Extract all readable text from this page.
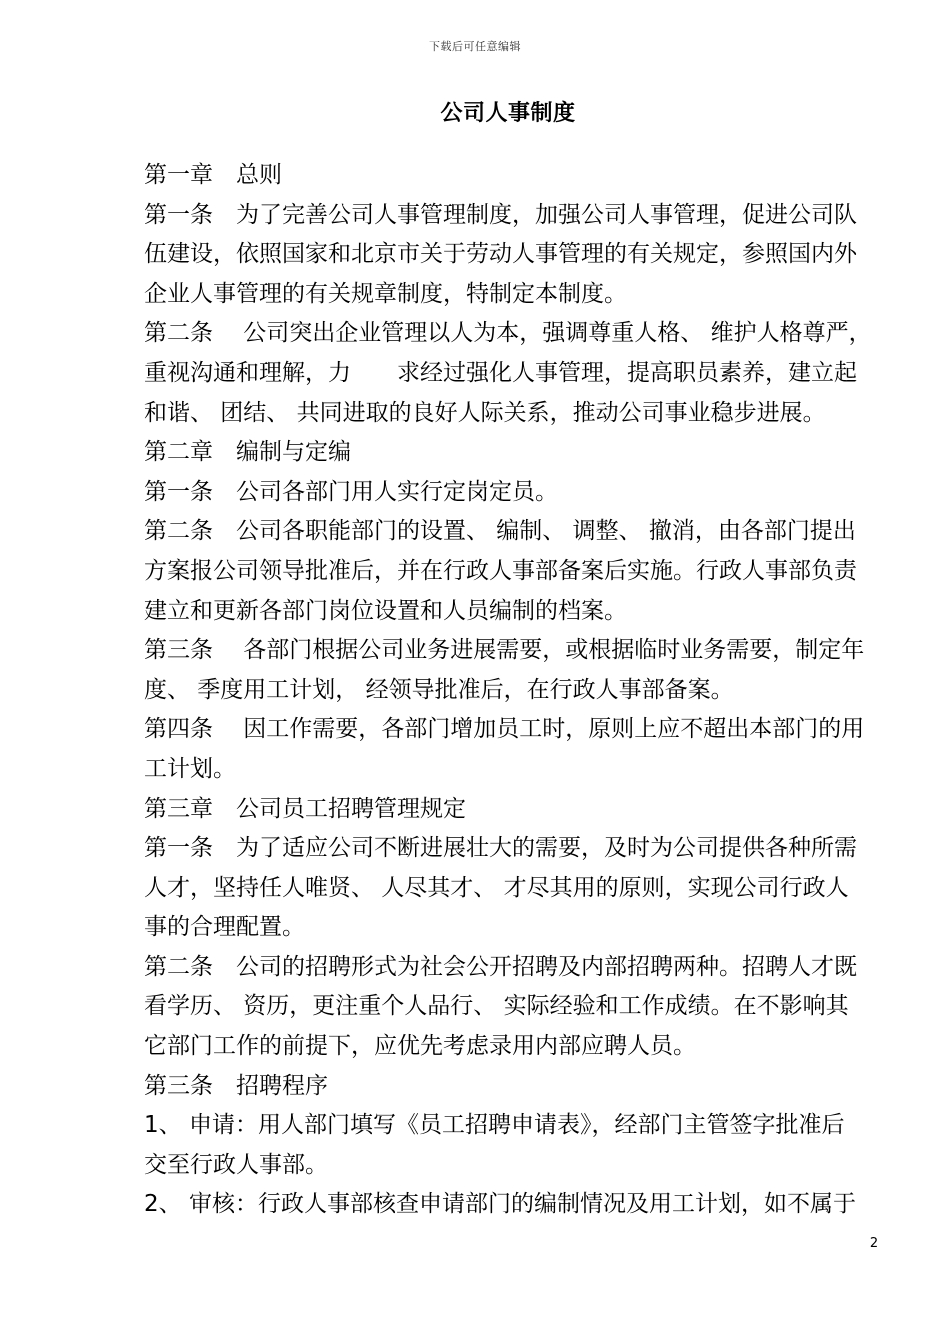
下载后可任意编辑
公司人事制度
第一章　总则
第一条　为了完善公司人事管理制度，加强公司人事管理，促进公司队
伍建设，依照国家和北京市关于劳动人事管理的有关规定，参照国内外
企业人事管理的有关规章制度，特制定本制度。
第二条　 公司突出企业管理以人为本，强调尊重人格、 维护人格尊严，
重视沟通和理解，力　　求经过强化人事管理，提高职员素养，建立起
和谐、 团结、 共同进取的良好人际关系，推动公司事业稳步进展。
第二章　编制与定编
第一条　公司各部门用人实行定岗定员。
第二条　公司各职能部门的设置、 编制、 调整、 撤消，由各部门提出
方案报公司领导批准后，并在行政人事部备案后实施。行政人事部负责
建立和更新各部门岗位设置和人员编制的档案。
第三条　 各部门根据公司业务进展需要，或根据临时业务需要，制定年
度、 季度用工计划， 经领导批准后，在行政人事部备案。
第四条　 因工作需要，各部门增加员工时，原则上应不超出本部门的用
工计划。
第三章　公司员工招聘管理规定
第一条　为了适应公司不断进展壮大的需要，及时为公司提供各种所需
人才，坚持任人唯贤、 人尽其才、 才尽其用的原则，实现公司行政人
事的合理配置。
第二条　公司的招聘形式为社会公开招聘及内部招聘两种。招聘人才既
看学历、 资历，更注重个人品行、 实际经验和工作成绩。在不影响其
它部门工作的前提下，应优先考虑录用内部应聘人员。
第三条　招聘程序
1、 申请：用人部门填写《员工招聘申请表》，经部门主管签字批准后
交至行政人事部。
2、 审核：行政人事部核查申请部门的编制情况及用工计划，如不属于
2
